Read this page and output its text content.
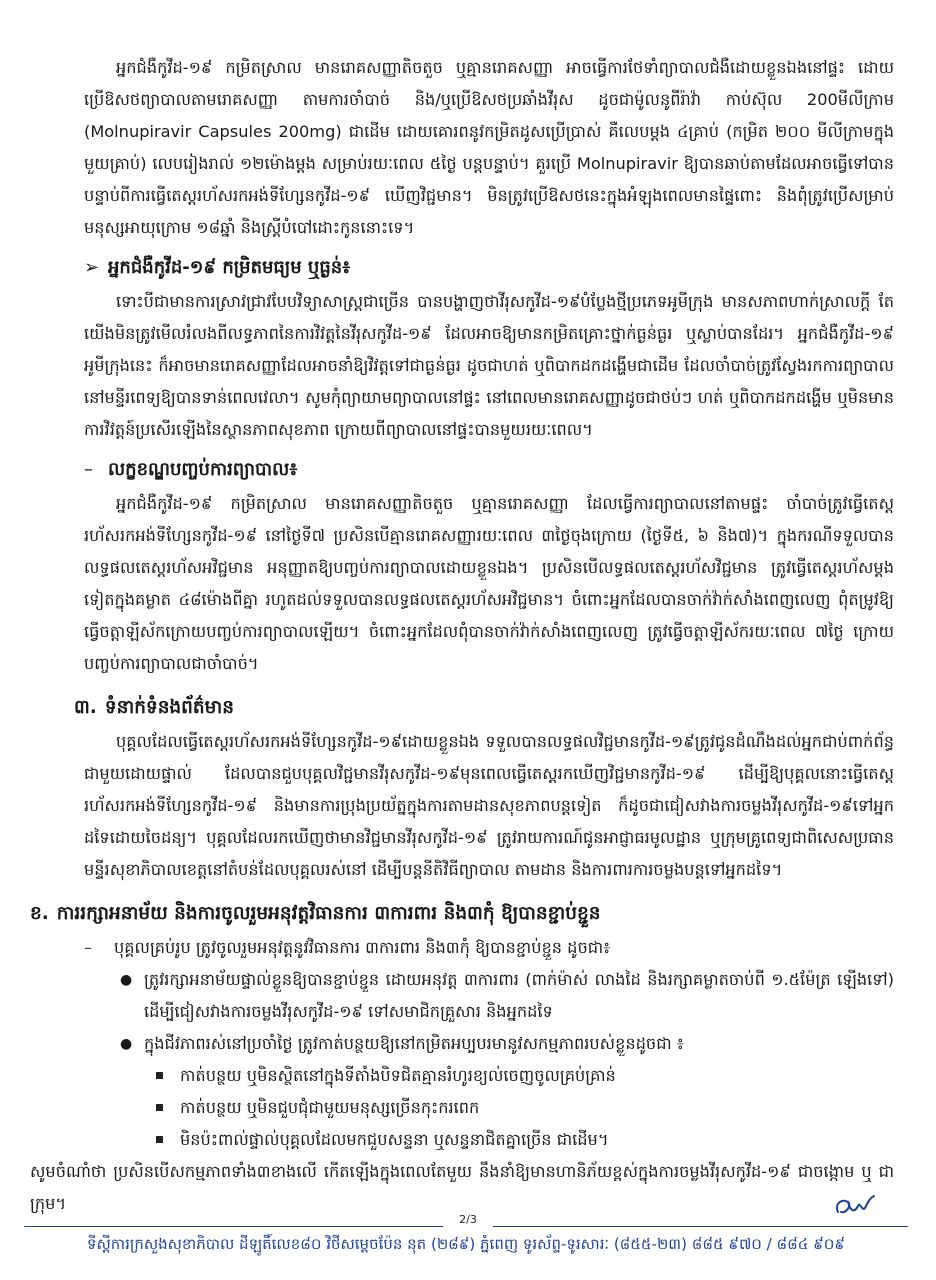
អ្នកជំងឺកូវីដ-១៩ កម្រិតស្រាល មានរោគសញ្ញាតិចតួច ឬគ្មានរោគសញ្ញា អាចធ្វើការថែទាំព្យាបាលជំងឺដោយខ្លួនឯងនៅផ្ទះ ដោយប្រើឱសថព្យាបាលតាមរោគសញ្ញា តាមការចាំបាច់ និង/ឬប្រើឱសថប្រឆាំងវីរុស ដូចជាម៉ូលនូពីរ៉ាវ៉ា កាប់ស៊ុល 200មីលីក្រាម (Molnupiravir Capsules 200mg) ជាដើម ដោយគោរពនូវកម្រិតដូសប្រើប្រាស់ គឺលេបម្តង ៤គ្រាប់ (កម្រិត ២០០ មីលីក្រាមក្នុងមួយគ្រាប់) លេបរៀងរាល់ ១២ម៉ោងម្តង សម្រាប់រយៈពេល ៥ថ្ងៃ បន្តបន្ទាប់។ គួរប្រើ Molnupiravir ឱ្យបានឆាប់តាមដែលអាចធ្វើទៅបាន បន្ទាប់ពីការធ្វើតេស្តរហ័សរកអង់ទីហ្សែនកូវីដ-១៩ ឃើញវិជ្ជមាន។ មិនត្រូវប្រើឱសថនេះក្នុងអំឡុងពេលមានផ្ទៃពោះ និងពុំត្រូវប្រើសម្រាប់មនុស្សអាយុក្រោម ១៨ឆ្នាំ និងស្ត្រីបំបៅដោះកូននោះទេ។

➢ អ្នកជំងឺកូវីដ-១៩ កម្រិតមធ្យម ឬធ្ងន់៖

ទោះបីជាមានការស្រាវជ្រាវបែបវិទ្យាសាស្ត្រជាច្រើន បានបង្ហាញថាវីរុសកូវីដ-១៩បំប្លែងថ្មីប្រភេទអូមីក្រុង មានសភាពហាក់ស្រាលក្តី តែយើងមិនត្រូវមើលរំលងពីលទ្ធភាពនៃការវិវត្តនៃវីរុសកូវីដ-១៩ ដែលអាចឱ្យមានកម្រិតគ្រោះថ្នាក់ធ្ងន់ធ្ងរ ឬស្លាប់បានដែរ។ អ្នកជំងឺកូវីដ-១៩ អូមីក្រុងនេះ ក៏អាចមានរោគសញ្ញាដែលអាចនាំឱ្យវិវត្តទៅជាធ្ងន់ធ្ងរ ដូចជាហត់ ឬពិបាកដកដង្ហើមជាដើម ដែលចាំបាច់ត្រូវស្វែងរកការព្យាបាលនៅមន្ទីរពេទ្យឱ្យបានទាន់ពេលវេលា។ សូមកុំព្យាយាមព្យាបាលនៅផ្ទះ នៅពេលមានរោគសញ្ញាដូចជាថប់ៗ ហត់ ឬពិបាកដកដង្ហើម ឬមិនមានការវិវត្តន៍ប្រសើរឡើងនៃស្ថានភាពសុខភាព ក្រោយពីព្យាបាលនៅផ្ទះបានមួយរយៈពេល។

– លក្ខខណ្ឌបញ្ចប់ការព្យាបាល៖

អ្នកជំងឺកូវីដ-១៩ កម្រិតស្រាល មានរោគសញ្ញាតិចតួច ឬគ្មានរោគសញ្ញា ដែលធ្វើការព្យាបាលនៅតាមផ្ទះ ចាំបាច់ត្រូវធ្វើតេស្តរហ័សរកអង់ទីហ្សែនកូវីដ-១៩ នៅថ្ងៃទី៧ ប្រសិនបើគ្មានរោគសញ្ញារយៈពេល ៣ថ្ងៃចុងក្រោយ (ថ្ងៃទី៥, ៦ និង៧)។ ក្នុងករណីទទួលបានលទ្ធផលតេស្តរហ័សអវិជ្ជមាន អនុញ្ញាតឱ្យបញ្ចប់ការព្យាបាលដោយខ្លួនឯង។ ប្រសិនបើលទ្ធផលតេស្តរហ័សវិជ្ជមាន ត្រូវធ្វើតេស្តរហ័សម្តងទៀតក្នុងគម្លាត ៤៨ម៉ោងពីគ្នា រហូតដល់ទទួលបានលទ្ធផលតេស្តរហ័សអវិជ្ជមាន។ ចំពោះអ្នកដែលបានចាក់វ៉ាក់សាំងពេញលេញ ពុំតម្រូវឱ្យធ្វើចត្តាឡីស័កក្រោយបញ្ចប់ការព្យាបាលឡើយ។ ចំពោះអ្នកដែលពុំបានចាក់វ៉ាក់សាំងពេញលេញ ត្រូវធ្វើចត្តាឡីស័ករយៈពេល ៧ថ្ងៃ ក្រោយបញ្ចប់ការព្យាបាលជាចាំបាច់។

៣. ទំនាក់ទំនងព័ត៌មាន

បុគ្គលដែលធ្វើតេស្តរហ័សរកអង់ទីហ្សែនកូវីដ-១៩ដោយខ្លួនឯង ទទួលបានលទ្ធផលវិជ្ជមានកូវីដ-១៩ត្រូវជូនដំណឹងដល់អ្នកជាប់ពាក់ព័ន្ធជាមួយដោយផ្ទាល់ ដែលបានជួបបុគ្គលវិជ្ជមានវីរុសកូវីដ-១៩មុនពេលធ្វើតេស្តរកឃើញវិជ្ជមានកូវីដ-១៩ ដើម្បីឱ្យបុគ្គលនោះធ្វើតេស្តរហ័សរកអង់ទីហ្សែនកូវីដ-១៩ និងមានការប្រុងប្រយ័ត្នក្នុងការតាមដានសុខភាពបន្តទៀត ក៏ដូចជាជៀសវាងការចម្លងវីរុសកូវីដ-១៩ទៅអ្នកដទៃដោយចៃដន្យ។ បុគ្គលដែលរកឃើញថាមានវិជ្ជមានវីរុសកូវីដ-១៩ ត្រូវរាយការណ៍ជូនអាជ្ញាធរមូលដ្ឋាន ឬក្រុមគ្រូពេទ្យជាពិសេសប្រធានមន្ទីរសុខាភិបាលខេត្តនៅតំបន់ដែលបុគ្គលរស់នៅ ដើម្បីបន្តនីតិវិធីព្យាបាល តាមដាន និងការពារការចម្លងបន្តទៅអ្នកដទៃ។

ខ. ការរក្សាអនាម័យ និងការចូលរួមអនុវត្តវិធានការ ៣ការពារ និង៣កុំ ឱ្យបានខ្ជាប់ខ្ជួន
–	បុគ្គលគ្រប់រូប ត្រូវចូលរួមអនុវត្តនូវវិធានការ ៣ការពារ និង៣កុំ ឱ្យបានខ្ជាប់ខ្ជួន ដូចជា៖
● ត្រូវរក្សាអនាម័យផ្ទាល់ខ្លួនឱ្យបានខ្ជាប់ខ្ជួន ដោយអនុវត្ត ៣ការពារ (ពាក់ម៉ាស់ លាងដៃ និងរក្សាគម្លាតចាប់ពី ១.៥ម៉ែត្រ ឡើងទៅ) ដើម្បីជៀសវាងការចម្លងវីរុសកូវីដ-១៩ ទៅសមាជិកគ្រួសារ និងអ្នកដទៃ
● ក្នុងជីវភាពរស់នៅប្រចាំថ្ងៃ ត្រូវកាត់បន្ថយឱ្យនៅកម្រិតអប្បបរមានូវសកម្មភាពរបស់ខ្លួនដូចជា ៖
កាត់បន្ថយ ឬមិនស្ថិតនៅក្នុងទីតាំងបិទជិតគ្មានរំហូរខ្យល់ចេញចូលគ្រប់គ្រាន់
កាត់បន្ថយ ឬមិនជួបជុំជាមួយមនុស្សច្រើនកុះករពេក
មិនប៉ះពាល់ផ្ទាល់បុគ្គលដែលមកជួបសន្ទនា ឬសន្ទនាជិតគ្នាច្រើន ជាដើម។

សូមចំណាំថា ប្រសិនបើសកម្មភាពទាំង៣ខាងលើ កើតឡើងក្នុងពេលតែមួយ នឹងនាំឱ្យមានហានិភ័យខ្ពស់ក្នុងការចម្លងវីរុសកូវីដ-១៩ ជាចង្កោម ឬ ជាក្រុម។

2/3
ទីស្តីការក្រសួងសុខាភិបាល ដីឡូតិ៍លេខ៨០ វិថីសម្តេចប៉ែន នុត (២៨៩) ភ្នំពេញ ទូរស័ព្ទ-ទូរសារៈ (៨៥៥-២៣) ៨៨៥ ៩៧០ / ៨៨៤ ៩០៩
